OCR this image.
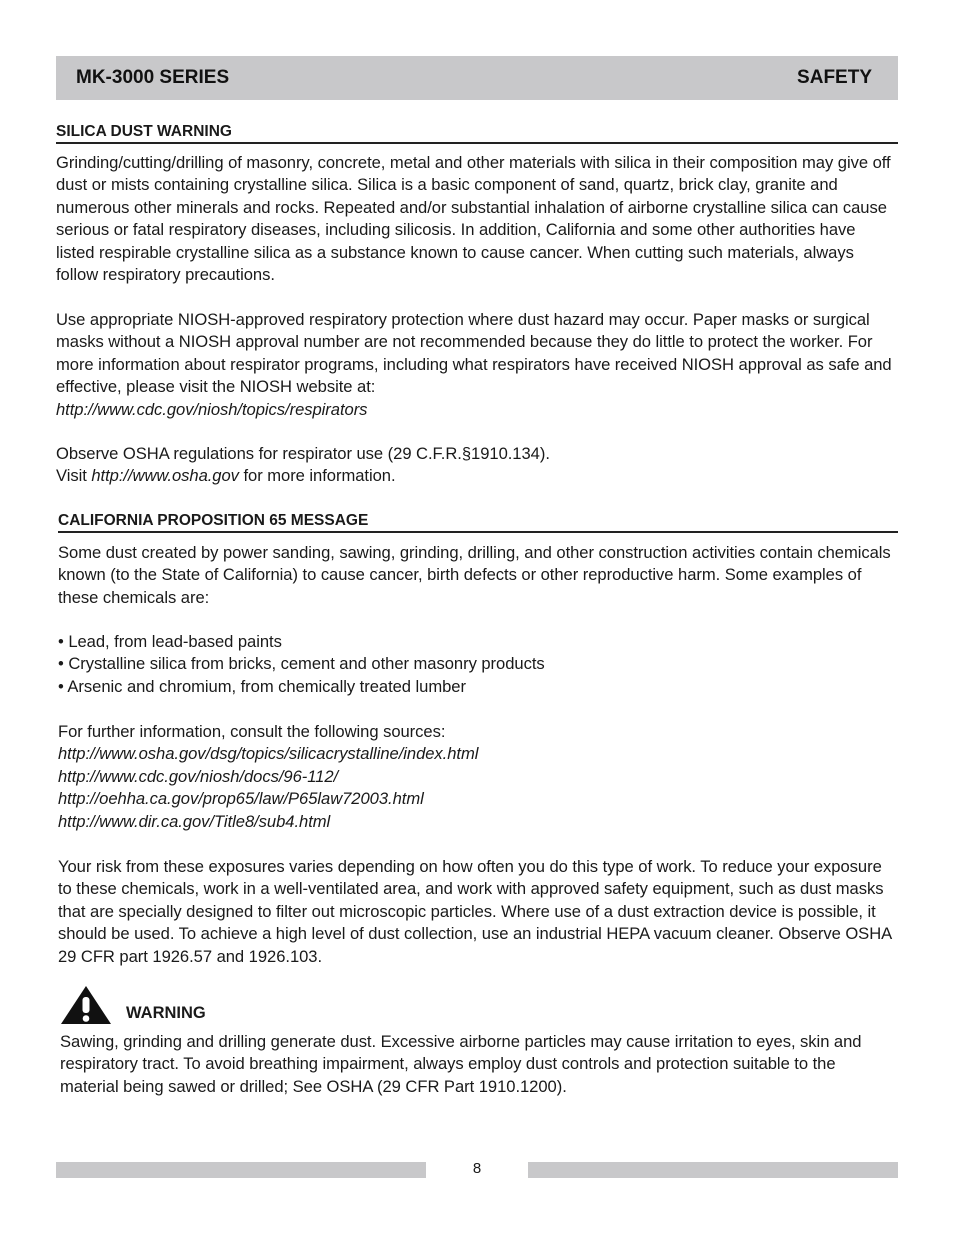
MK-3000 SERIES	SAFETY
SILICA DUST WARNING

Grinding/cutting/drilling of masonry, concrete, metal and other materials with silica in their composition may give off dust or mists containing crystalline silica. Silica is a basic component of sand, quartz, brick clay, granite and numerous other minerals and rocks. Repeated and/or substantial inhalation of airborne crystalline silica can cause serious or fatal respiratory diseases, including silicosis. In addition, California and some other authorities have listed respirable crystalline silica as a substance known to cause cancer. When cutting such materials, always follow respiratory precautions.

Use appropriate NIOSH-approved respiratory protection where dust hazard may occur. Paper masks or surgical masks without a NIOSH approval number are not recommended because they do little to protect the worker. For more information about respirator programs, including what respirators have received NIOSH approval as safe and effective, please visit the NIOSH website at:

http://www.cdc.gov/niosh/topics/respirators

Observe OSHA regulations for respirator use (29 C.F.R.§1910.134).

Visit http://www.osha.gov for more information.

CALIFORNIA PROPOSITION 65 MESSAGE

Some dust created by power sanding, sawing, grinding, drilling, and other construction activities contain chemicals known (to the State of California) to cause cancer, birth defects or other reproductive harm. Some examples of these chemicals are:

• Lead, from lead-based paints

• Crystalline silica from bricks, cement and other masonry products

• Arsenic and chromium, from chemically treated lumber

For further information, consult the following sources:

http://www.osha.gov/dsg/topics/silicacrystalline/index.html

http://www.cdc.gov/niosh/docs/96-112/

http://oehha.ca.gov/prop65/law/P65law72003.html

http://www.dir.ca.gov/Title8/sub4.html

Your risk from these exposures varies depending on how often you do this type of work. To reduce your exposure to these chemicals, work in a well-ventilated area, and work with approved safety equipment, such as dust masks that are specially designed to filter out microscopic particles. Where use of a dust extraction device is possible, it should be used. To achieve a high level of dust collection, use an industrial HEPA vacuum cleaner. Observe OSHA 29 CFR part 1926.57 and 1926.103.

WARNING

Sawing, grinding and drilling generate dust. Excessive airborne particles may cause irritation to eyes, skin and respiratory tract. To avoid breathing impairment, always employ dust controls and protection suitable to the material being sawed or drilled; See OSHA (29 CFR Part 1910.1200).

8
